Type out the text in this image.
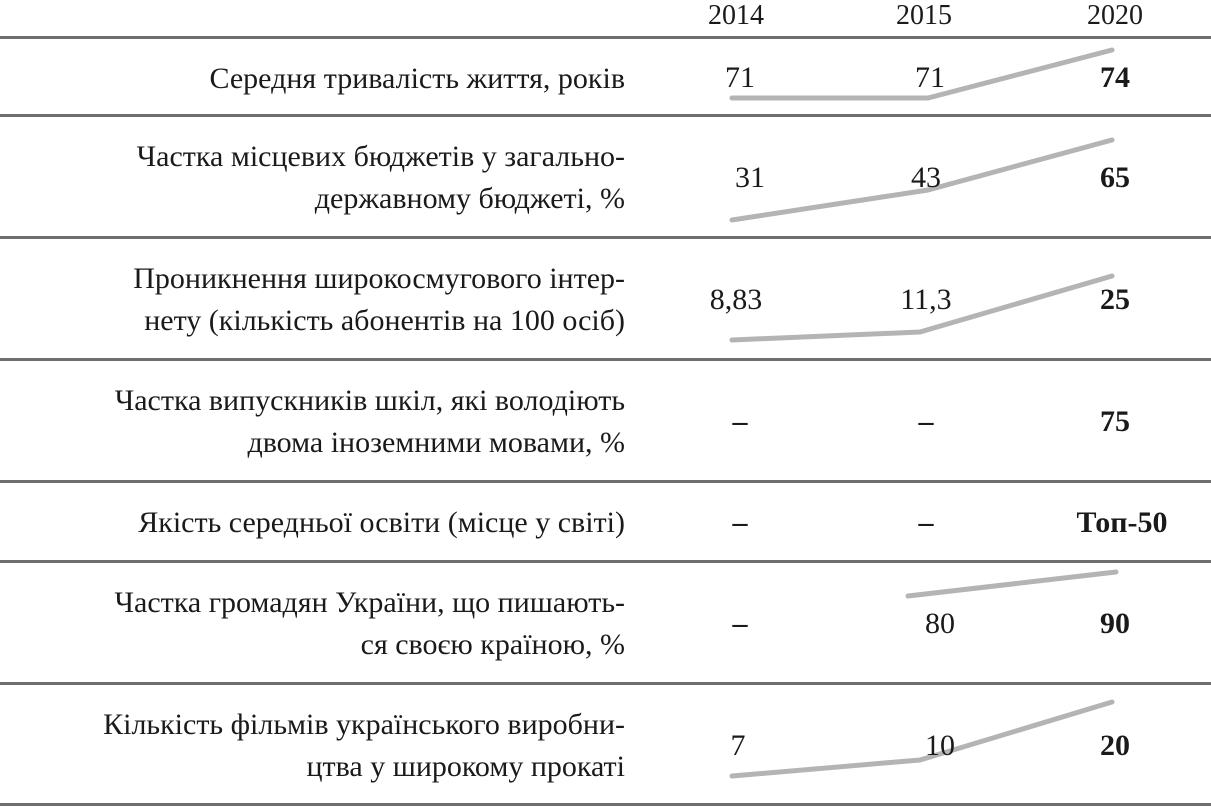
2014	2015	2020
Середня тривалість життя, років	71	71	74
Частка місцевих бюджетів у загально-
державному бюджеті, %
31	43	65
Проникнення широкосмугового інтер-
нету (кількість абонентів на 100 осіб)
8,83	11,3	25
Частка випускників шкіл, які володіють
двома іноземними мовами, %
–	–	75
Якість середньої освіти (місце у світі)	–	–	Топ-50
Частка громадян України, що пишають-
ся своєю країною, %
–	80	90
Кількість фільмів українського виробни-
цтва у широкому прокаті
7	10	20
